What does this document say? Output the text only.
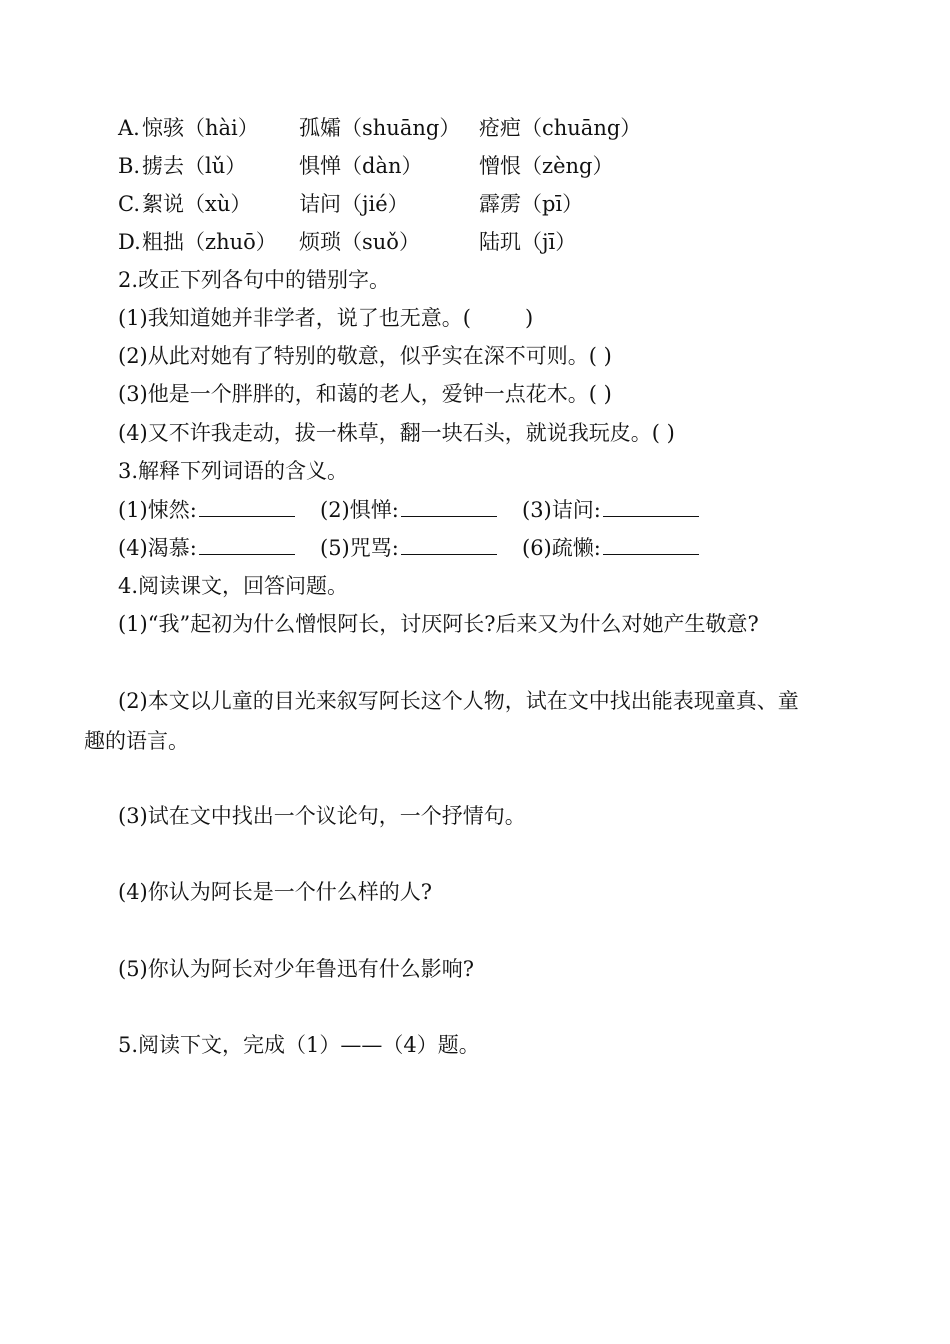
A. 惊骇（hài） 孤孀（shuāng） 疮疤（chuāng）
B. 掳去（lǔ）	惧惮（dàn）	憎恨（zèng）
C. 絮说（xù） 诘问（jié）	霹雳（pī）
D. 粗拙（zhuō） 烦琐（suǒ）	陆玑（jī）
2.改正下列各句中的错别字。
(1)我知道她并非学者，说了也无意。(	)
(2)从此对她有了特别的敬意，似乎实在深不可则。( )
(3)他是一个胖胖的，和蔼的老人，爱钟一点花木。( )
(4)又不许我走动，拔一株草，翻一块石头，就说我玩皮。( )
3.解释下列词语的含义。
(1)悚然:	(2)惧惮:	(3)诘问:
(4)渴慕:	(5)咒骂:	(6)疏懒:
4.阅读课文，回答问题。
(1)“我”起初为什么憎恨阿长，讨厌阿长?后来又为什么对她产生敬意?
(2)本文以儿童的目光来叙写阿长这个人物，试在文中找出能表现童真、童
趣的语言。
(3)试在文中找出一个议论句，一个抒情句。
(4)你认为阿长是一个什么样的人?
(5)你认为阿长对少年鲁迅有什么影响?
5.阅读下文，完成（1）——（4）题。
